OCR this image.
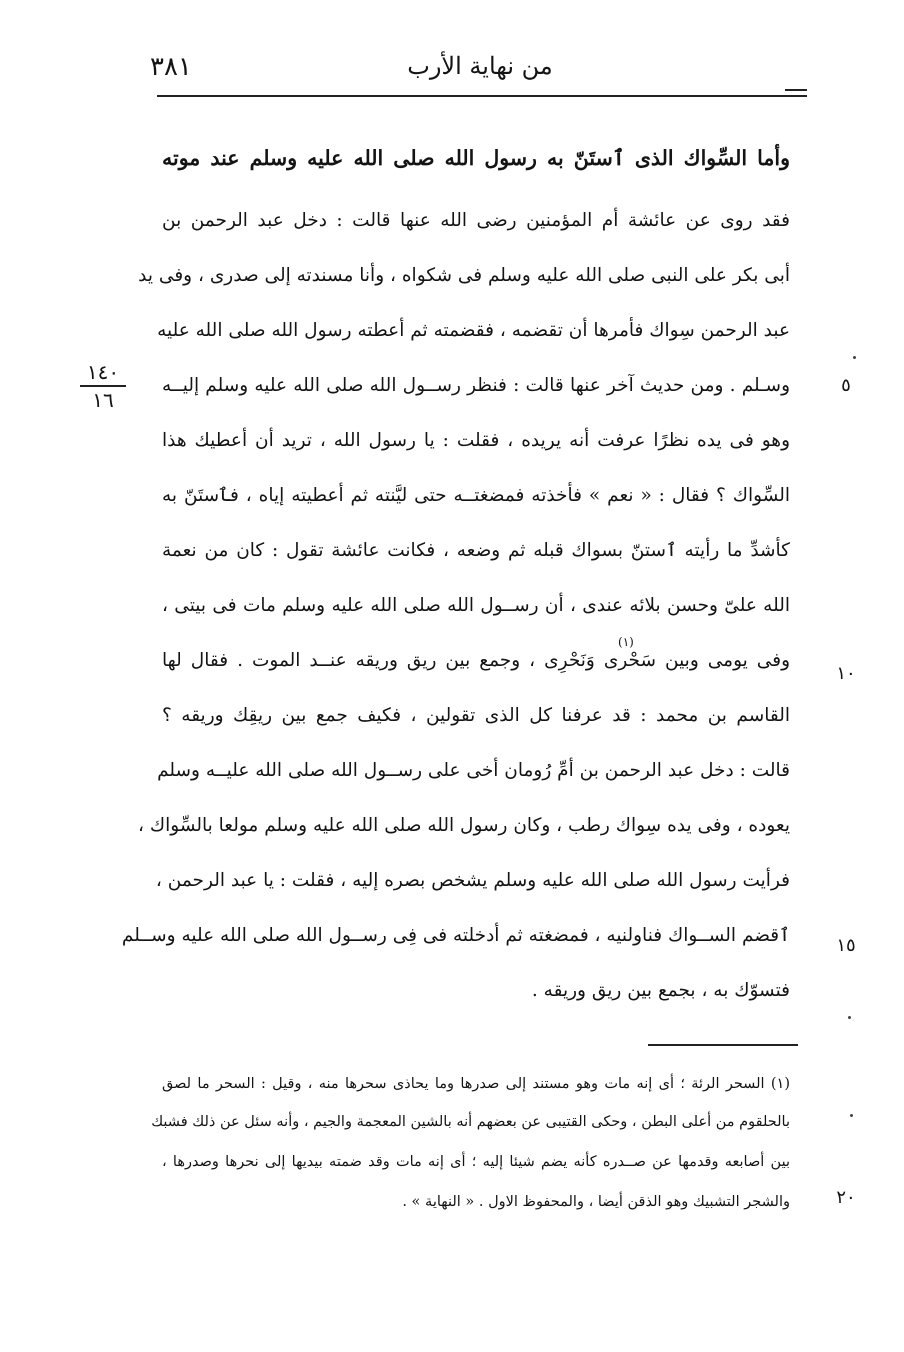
من نهاية الأرب
٣٨١
وأما السِّواك الذى ٱستَنّ به رسول الله صلى الله عليه وسلم عند موته
فقد روى عن عائشة أم المؤمنين رضى الله عنها قالت : دخل عبد الرحمن بن
أبى بكر على النبى صلى الله عليه وسلم فى شكواه ، وأنا مسندته إلى صدرى ، وفى يد
عبد الرحمن سِواك فأمرها أن تقضمه ، فقضمته ثم أعطته رسول الله صلى الله عليه
وسـلم . ومن حديث آخر عنها قالت : فنظر رســول الله صلى الله عليه وسلم إليــه
وهو فى يده نظرًا عرفت أنه يريده ، فقلت : يا رسول الله ، تريد أن أعطيك هذا
السِّواك ؟ فقال : « نعم » فأخذته فمضغتــه حتى ليَّنته ثم أعطيته إياه ، فٱستَنّ به
كأشدِّ ما رأيته ٱستنّ بسواك قبله ثم وضعه ، فكانت عائشة تقول : كان من نعمة
الله علىّ وحسن بلائه عندى ، أن رســول الله صلى الله عليه وسلم مات فى بيتى ،
(١)
وفى يومى وبين سَحْرى وَنَحْرِى ، وجمع بين ريق وريقه عنــد الموت . فقال لها
القاسم بن محمد : قد عرفنا كل الذى تقولين ، فكيف جمع بين ريقِك وريقه ؟
قالت : دخل عبد الرحمن بن أمِّ رُومان أخى على رســول الله صلى الله عليــه وسلم
يعوده ، وفى يده سِواك رطب ، وكان رسول الله صلى الله عليه وسلم مولعا بالسِّواك ،
فرأيت رسول الله صلى الله عليه وسلم يشخص بصره إليه ، فقلت : يا عبد الرحمن ،
ٱقضم الســواك فناولنيه ، فمضغته ثم أدخلته فى فِى رســول الله صلى الله عليه وســلم
فتسوّك به ، بجمع بين ريق وريقه .
٥
١٠
١٥
٢٠
١٤٠
١٦
(١) السحر الرئة ؛ أى إنه مات وهو مستند إلى صدرها وما يحاذى سحرها منه ، وقيل : السحر ما لصق
بالحلقوم من أعلى البطن ، وحكى القتيبى عن بعضهم أنه بالشين المعجمة والجيم ، وأنه سئل عن ذلك فشبك
بين أصابعه وقدمها عن صــدره كأنه يضم شيئا إليه ؛ أى إنه مات وقد ضمته بيديها إلى نحرها وصدرها ،
والشجر التشبيك وهو الذقن أيضا ، والمحفوظ الاول . « النهاية » .
